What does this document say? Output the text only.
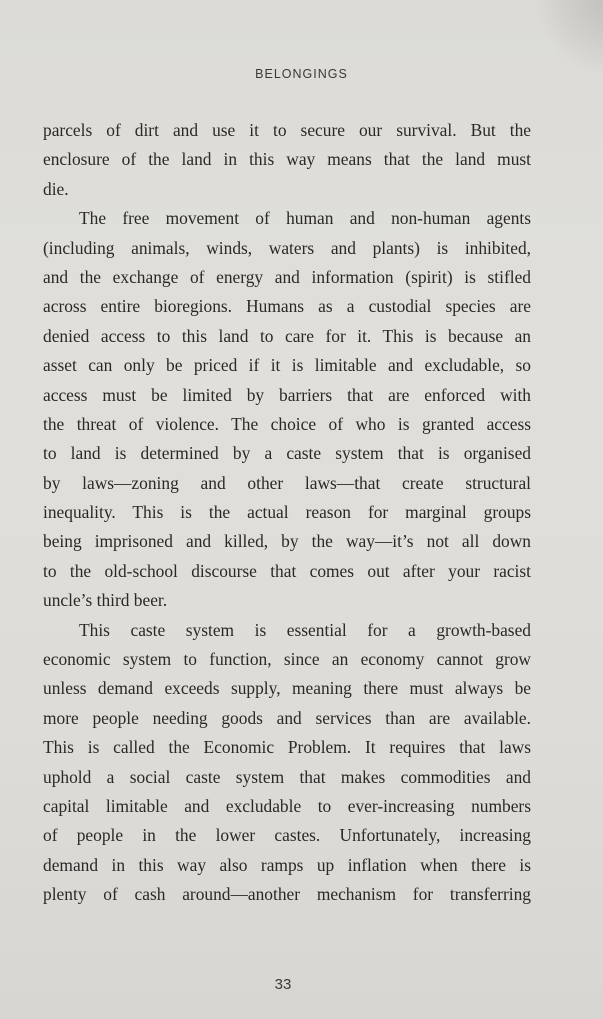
BELONGINGS
parcels of dirt and use it to secure our survival. But the
enclosure of the land in this way means that the land must
die.
The free movement of human and non-human agents
(including animals, winds, waters and plants) is inhibited,
and the exchange of energy and information (spirit) is stifled
across entire bioregions. Humans as a custodial species are
denied access to this land to care for it. This is because an
asset can only be priced if it is limitable and excludable, so
access must be limited by barriers that are enforced with
the threat of violence. The choice of who is granted access
to land is determined by a caste system that is organised
by laws—zoning and other laws—that create structural
inequality. This is the actual reason for marginal groups
being imprisoned and killed, by the way—it’s not all down
to the old-school discourse that comes out after your racist
uncle’s third beer.
This caste system is essential for a growth-based
economic system to function, since an economy cannot grow
unless demand exceeds supply, meaning there must always be
more people needing goods and services than are available.
This is called the Economic Problem. It requires that laws
uphold a social caste system that makes commodities and
capital limitable and excludable to ever-increasing numbers
of people in the lower castes. Unfortunately, increasing
demand in this way also ramps up inflation when there is
plenty of cash around—another mechanism for transferring
33
